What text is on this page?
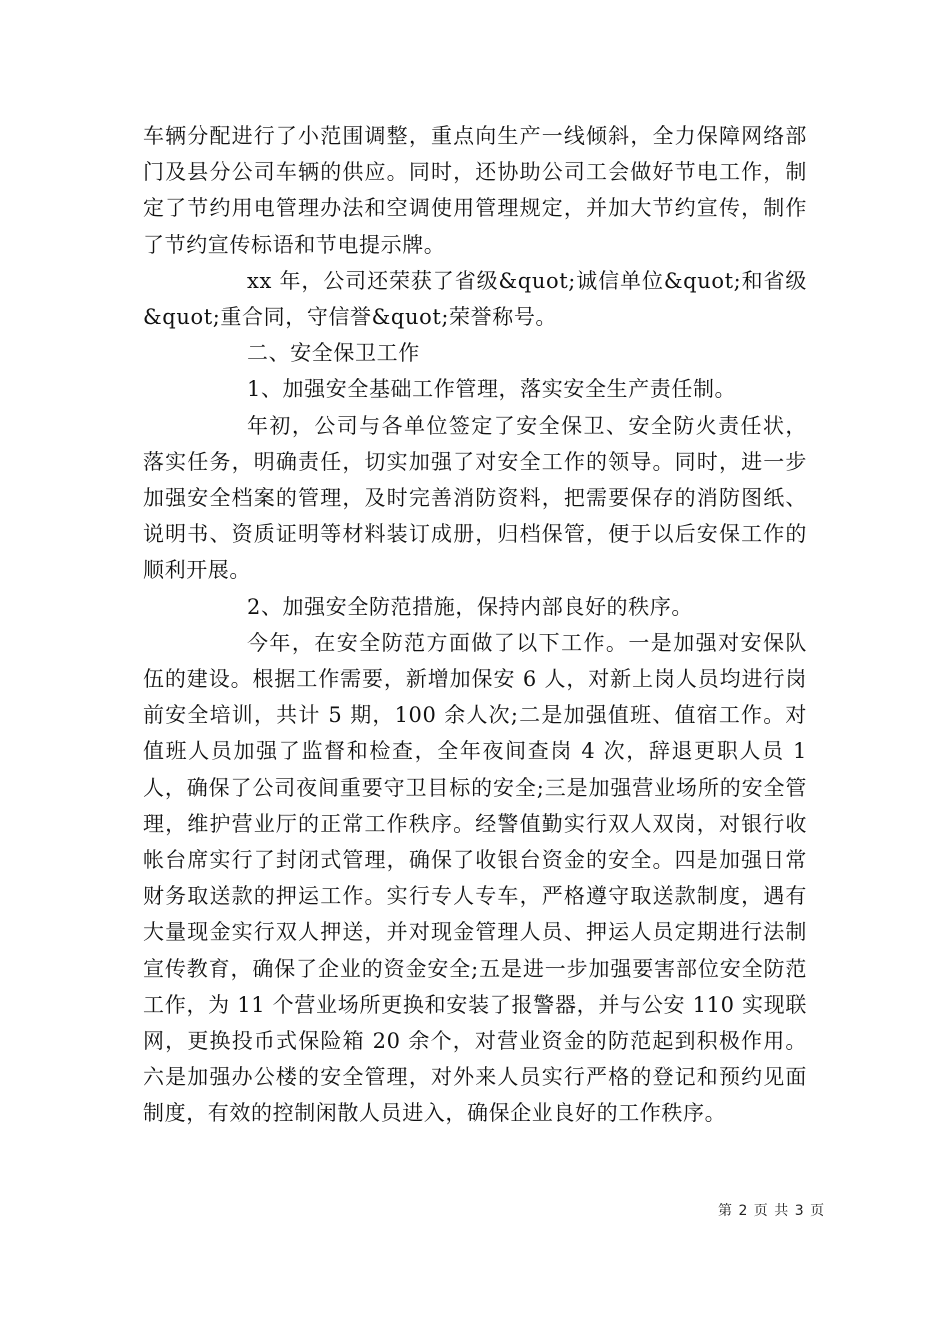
车辆分配进行了小范围调整，重点向生产一线倾斜，全力保障网络部门及县分公司车辆的供应。同时，还协助公司工会做好节电工作，制定了节约用电管理办法和空调使用管理规定，并加大节约宣传，制作了节约宣传标语和节电提示牌。

xx 年，公司还荣获了省级&quot;诚信单位&quot;和省级&quot;重合同，守信誉&quot;荣誉称号。

二、安全保卫工作

1、加强安全基础工作管理，落实安全生产责任制。

年初，公司与各单位签定了安全保卫、安全防火责任状，落实任务，明确责任，切实加强了对安全工作的领导。同时，进一步加强安全档案的管理，及时完善消防资料，把需要保存的消防图纸、说明书、资质证明等材料装订成册，归档保管，便于以后安保工作的顺利开展。

2、加强安全防范措施，保持内部良好的秩序。

今年，在安全防范方面做了以下工作。一是加强对安保队伍的建设。根据工作需要，新增加保安 6 人，对新上岗人员均进行岗前安全培训，共计 5 期，100 余人次;二是加强值班、值宿工作。对值班人员加强了监督和检查，全年夜间查岗 4 次，辞退更职人员 1 人，确保了公司夜间重要守卫目标的安全;三是加强营业场所的安全管理，维护营业厅的正常工作秩序。经警值勤实行双人双岗，对银行收帐台席实行了封闭式管理，确保了收银台资金的安全。四是加强日常财务取送款的押运工作。实行专人专车，严格遵守取送款制度，遇有大量现金实行双人押送，并对现金管理人员、押运人员定期进行法制宣传教育，确保了企业的资金安全;五是进一步加强要害部位安全防范工作，为 11 个营业场所更换和安装了报警器，并与公安 110 实现联网，更换投币式保险箱 20 余个，对营业资金的防范起到积极作用。六是加强办公楼的安全管理，对外来人员实行严格的登记和预约见面制度，有效的控制闲散人员进入，确保企业良好的工作秩序。

第 2 页 共 3 页
